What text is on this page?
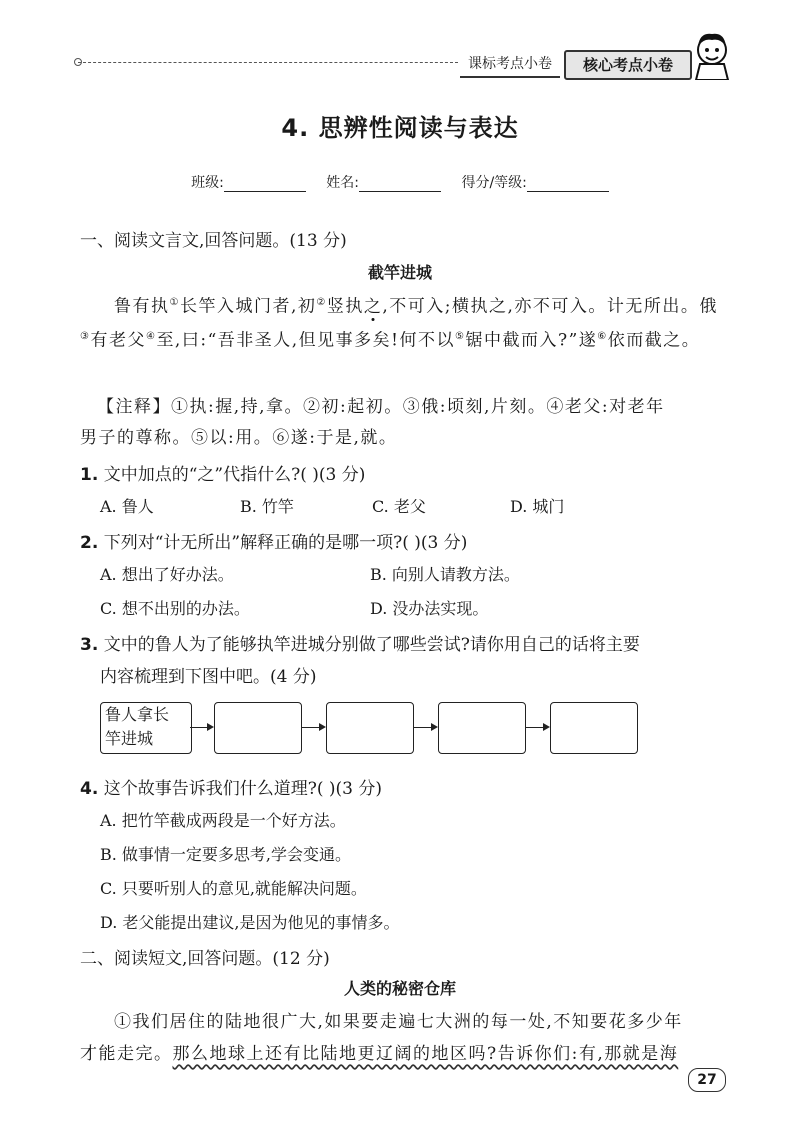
课标考点小卷	核心考点小卷
4. 思辨性阅读与表达
班级:	姓名:	得分/等级:
一、阅读文言文,回答问题。(13 分)
截竿进城
鲁有执①长竿入城门者,初②竖执之,不可入;横执之,亦不可入。计无所出。俄③有老父④至,曰:“吾非圣人,但见事多矣!何不以⑤锯中截而入?”遂⑥依而截之。
【注释】①执:握,持,拿。②初:起初。③俄:顷刻,片刻。④老父:对老年
男子的尊称。⑤以:用。⑥遂:于是,就。
1. 文中加点的“之”代指什么?( )(3 分)
A. 鲁人	B. 竹竿	C. 老父	D. 城门
2. 下列对“计无所出”解释正确的是哪一项?( )(3 分)
A. 想出了好办法。	B. 向别人请教方法。
C. 想不出别的办法。	D. 没办法实现。
3. 文中的鲁人为了能够执竿进城分别做了哪些尝试?请你用自己的话将主要
内容梳理到下图中吧。(4 分)
鲁人拿长
竿进城
4. 这个故事告诉我们什么道理?( )(3 分)
A. 把竹竿截成两段是一个好方法。
B. 做事情一定要多思考,学会变通。
C. 只要听别人的意见,就能解决问题。
D. 老父能提出建议,是因为他见的事情多。
二、阅读短文,回答问题。(12 分)
人类的秘密仓库
①我们居住的陆地很广大,如果要走遍七大洲的每一处,不知要花多少年
才能走完。那么地球上还有比陆地更辽阔的地区吗?告诉你们:有,那就是海
27
